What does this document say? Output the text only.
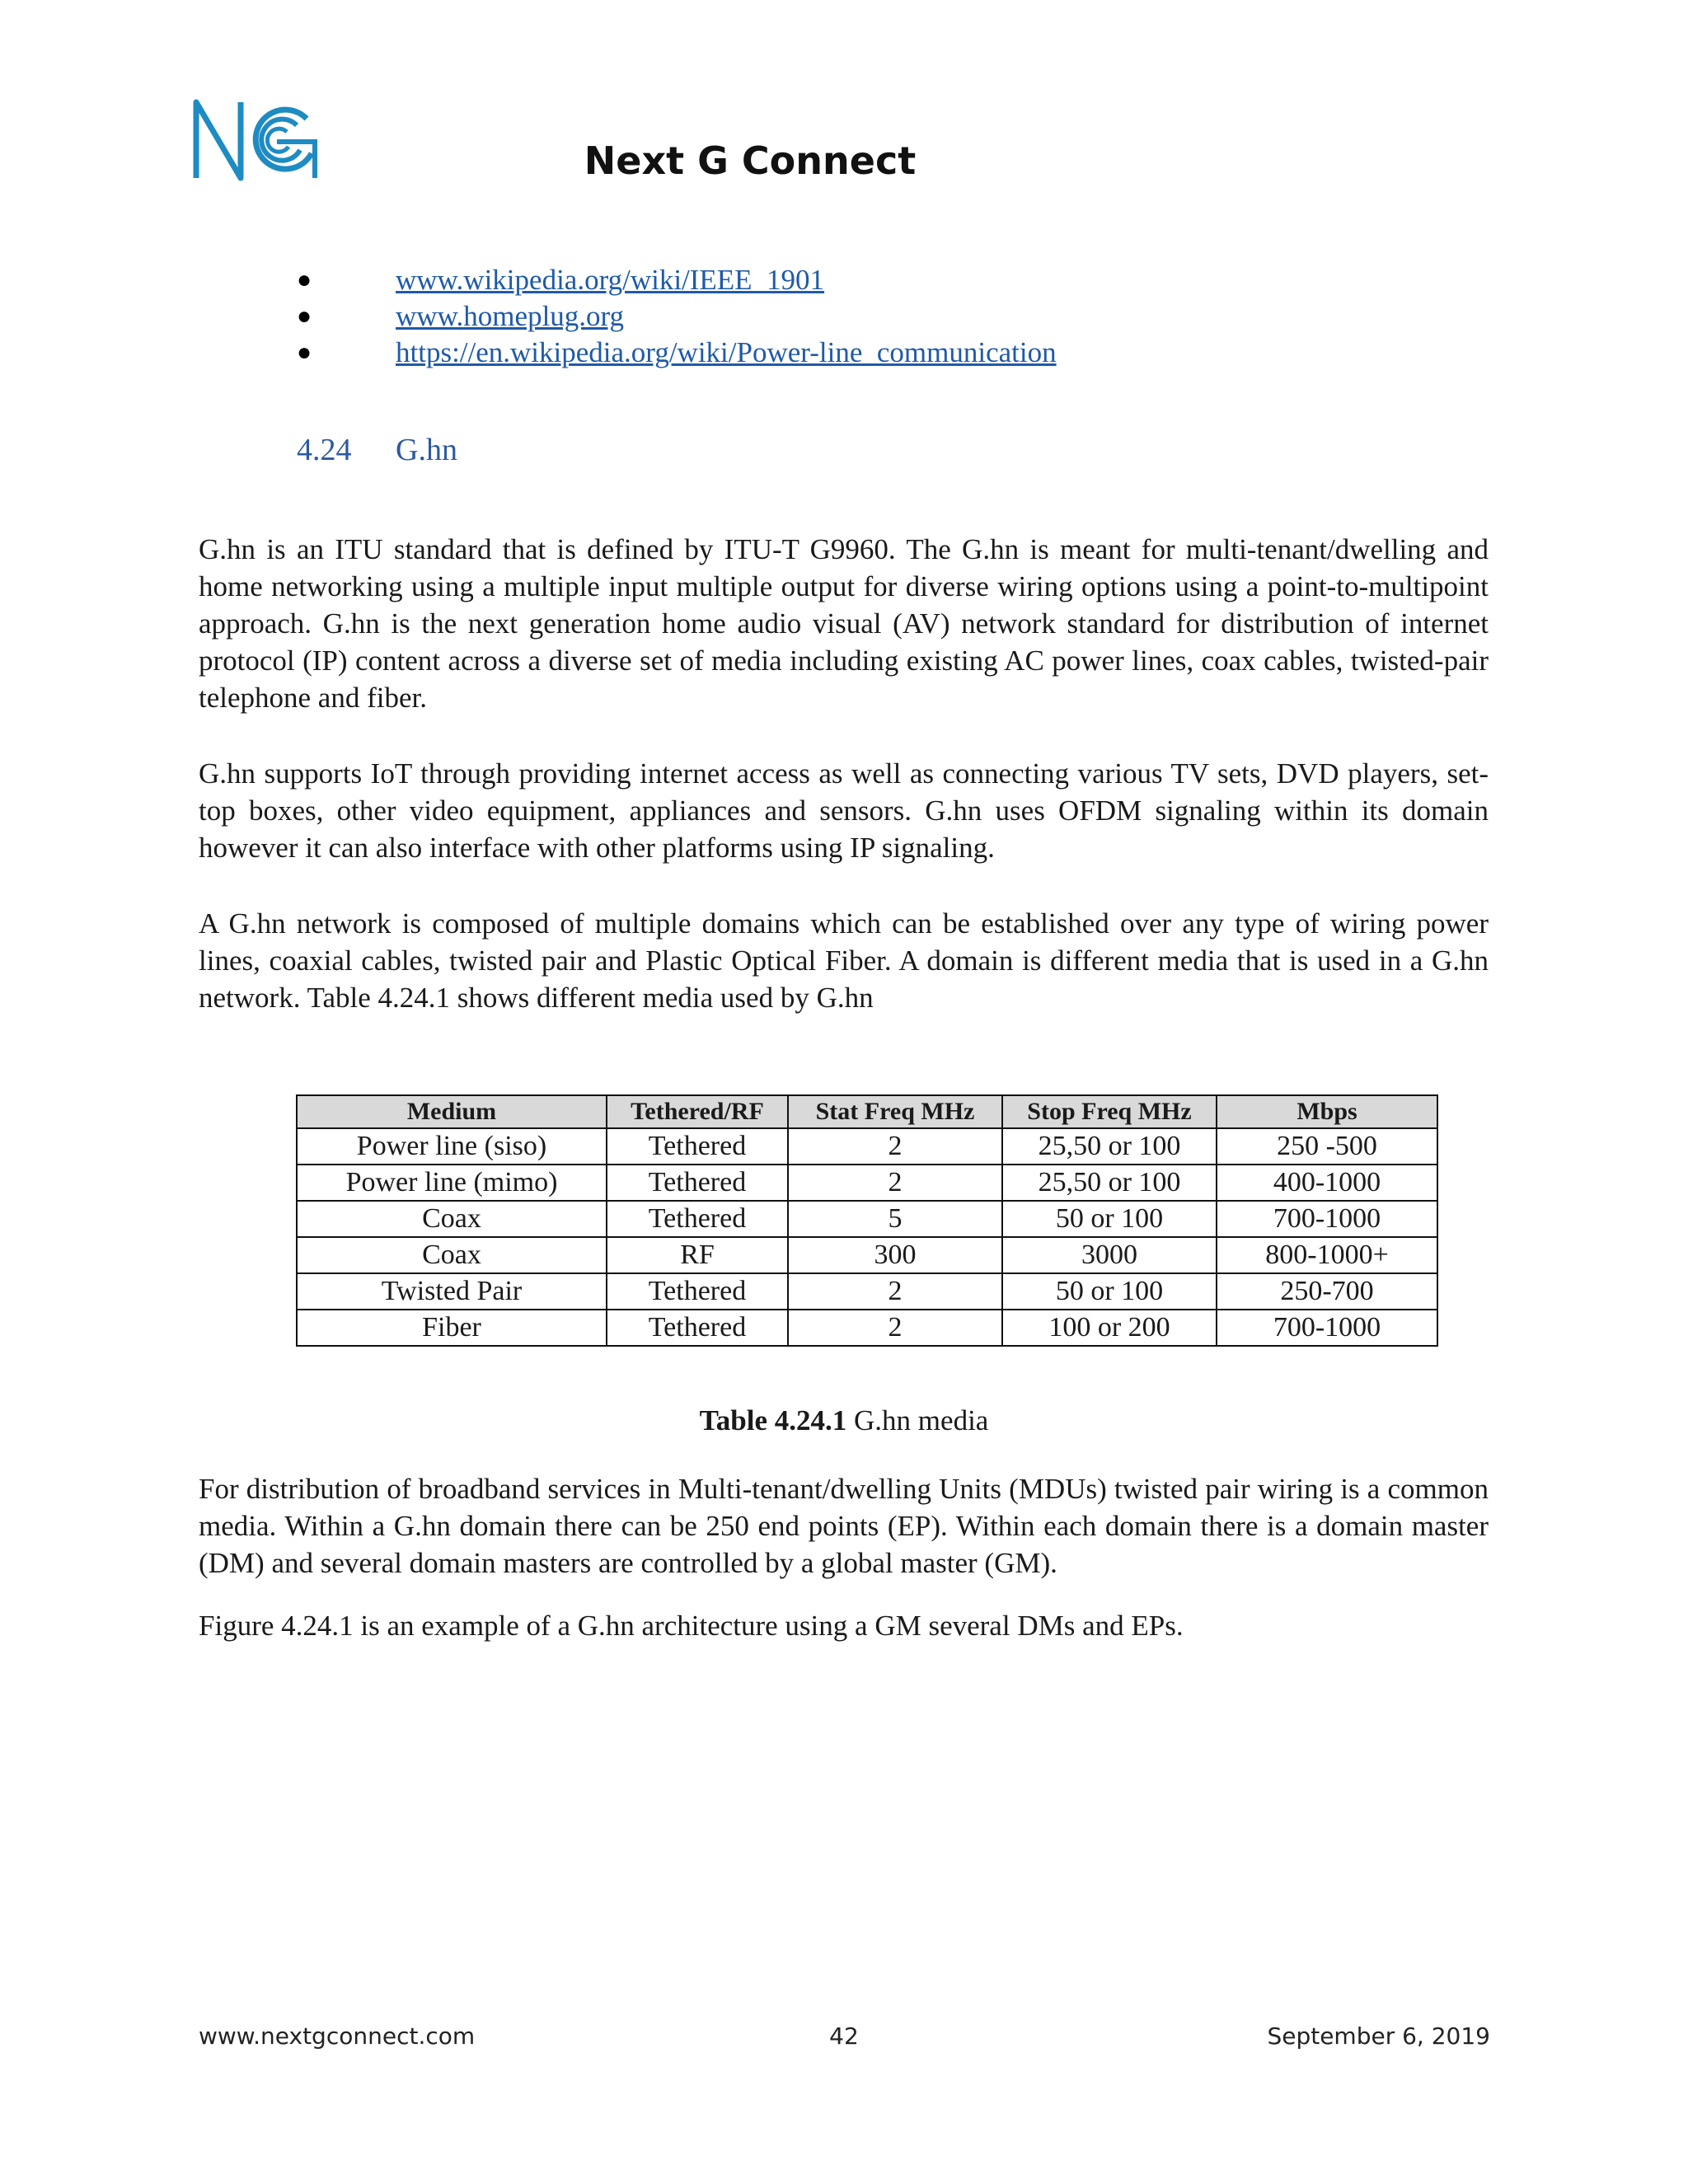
Next G Connect
●	www.wikipedia.org/wiki/IEEE_1901
●	www.homeplug.org
●	https://en.wikipedia.org/wiki/Power-line_communication
4.24 G.hn

G.hn is an ITU standard that is defined by ITU-T G9960. The G.hn is meant for multi-tenant/dwelling and home networking using a multiple input multiple output for diverse wiring options using a point-to-multipoint approach. G.hn is the next generation home audio visual (AV) network standard for distribution of internet protocol (IP) content across a diverse set of media including existing AC power lines, coax cables, twisted-pair telephone and fiber.

G.hn supports IoT through providing internet access as well as connecting various TV sets, DVD players, set-top boxes, other video equipment, appliances and sensors. G.hn uses OFDM signaling within its domain however it can also interface with other platforms using IP signaling.

A G.hn network is composed of multiple domains which can be established over any type of wiring power lines, coaxial cables, twisted pair and Plastic Optical Fiber. A domain is different media that is used in a G.hn network. Table 4.24.1 shows different media used by G.hn

Medium	Tethered/RF	Stat Freq MHz	Stop Freq MHz	Mbps
Power line (siso)	Tethered	2	25,50 or 100	250 -500
Power line (mimo)	Tethered	2	25,50 or 100	400-1000
Coax	Tethered	5	50 or 100	700-1000
Coax	RF	300	3000	800-1000+
Twisted Pair	Tethered	2	50 or 100	250-700
Fiber	Tethered	2	100 or 200	700-1000
Table 4.24.1 G.hn media

For distribution of broadband services in Multi-tenant/dwelling Units (MDUs) twisted pair wiring is a common media. Within a G.hn domain there can be 250 end points (EP). Within each domain there is a domain master (DM) and several domain masters are controlled by a global master (GM).

Figure 4.24.1 is an example of a G.hn architecture using a GM several DMs and EPs.

www.nextgconnect.com	42	September 6, 2019
